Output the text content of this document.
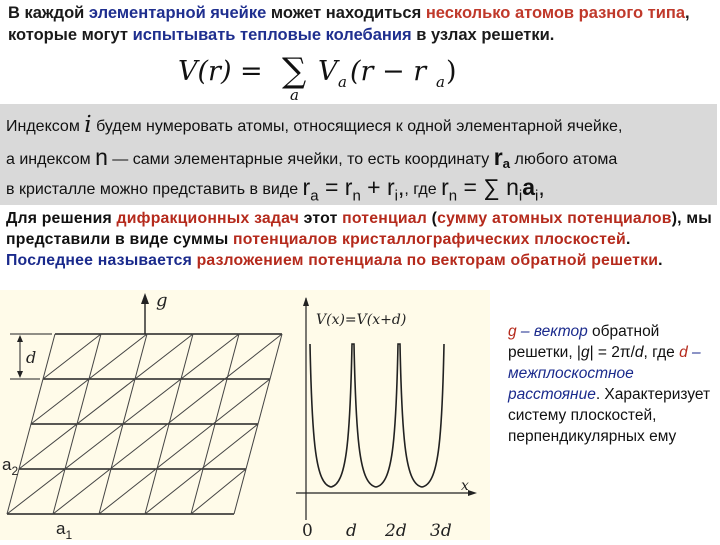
В каждой элементарной ячейке может находиться несколько атомов разного типа, которые могут испытывать тепловые колебания в узлах решетки.
V(r) = ∑
a
V a (r − r a )
Индексом i будем нумеровать атомы, относящиеся к одной элементарной ячейке,
а индексом n — сами элементарные ячейки, то есть координату $r_a$ любого атома
в кристалле можно представить в виде $r_a = r_n + r_i$,, где $r_n$ = ∑ $n_ia_i$,
Для решения дифракционных задач этот потенциал (сумму атомных потенциалов), мы представили в виде суммы потенциалов кристаллографических плоскостей. Последнее называется разложением потенциала по векторам обратной решетки.
g
d
$a_2$
$a_1$
V(x)=V(x+d)
x
0 d 2d 3d
g – вектор обратной решетки, |g| = 2π/d, где d – межплоскостное расстояние. Характеризует систему плоскостей, перпендикулярных ему
